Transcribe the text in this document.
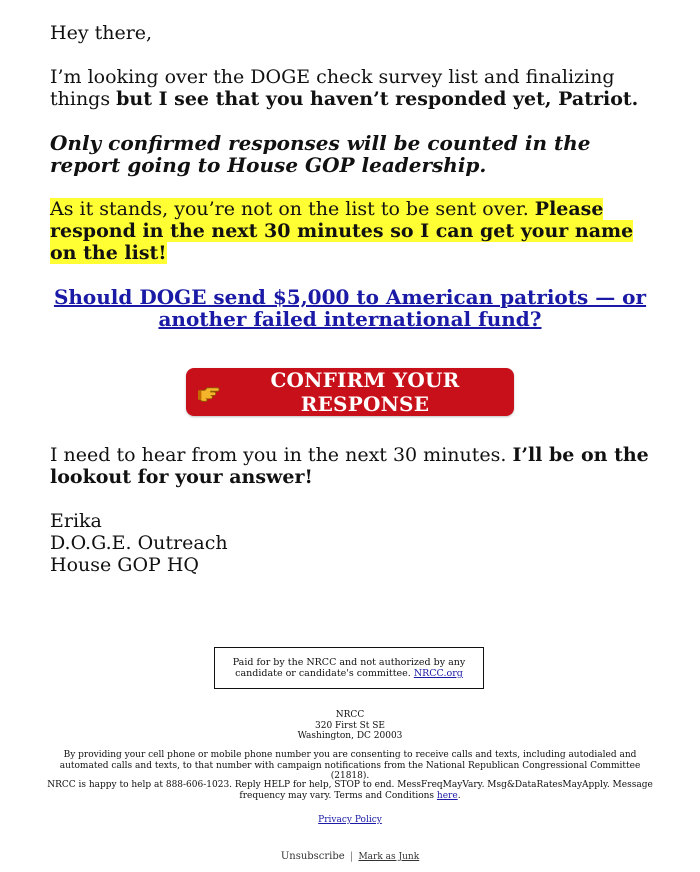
Hey there,
I’m looking over the DOGE check survey list and finalizing things but I see that you haven’t responded yet, Patriot.
Only confirmed responses will be counted in the report going to House GOP leadership.
As it stands, you’re not on the list to be sent over. Please respond in the next 30 minutes so I can get your name on the list!
Should DOGE send $5,000 to American patriots — or another failed international fund?
CONFIRM YOUR RESPONSE
I need to hear from you in the next 30 minutes. I’ll be on the lookout for your answer!
Erika
D.O.G.E. Outreach
House GOP HQ
Paid for by the NRCC and not authorized by any candidate or candidate's committee. NRCC.org
NRCC
320 First St SE
Washington, DC 20003
By providing your cell phone or mobile phone number you are consenting to receive calls and texts, including autodialed and automated calls and texts, to that number with campaign notifications from the National Republican Congressional Committee (21818).
NRCC is happy to help at 888-606-1023. Reply HELP for help, STOP to end. MessFreqMayVary. Msg&DataRatesMayApply. Message frequency may vary. Terms and Conditions here.
Privacy Policy
Unsubscribe | Mark as Junk
